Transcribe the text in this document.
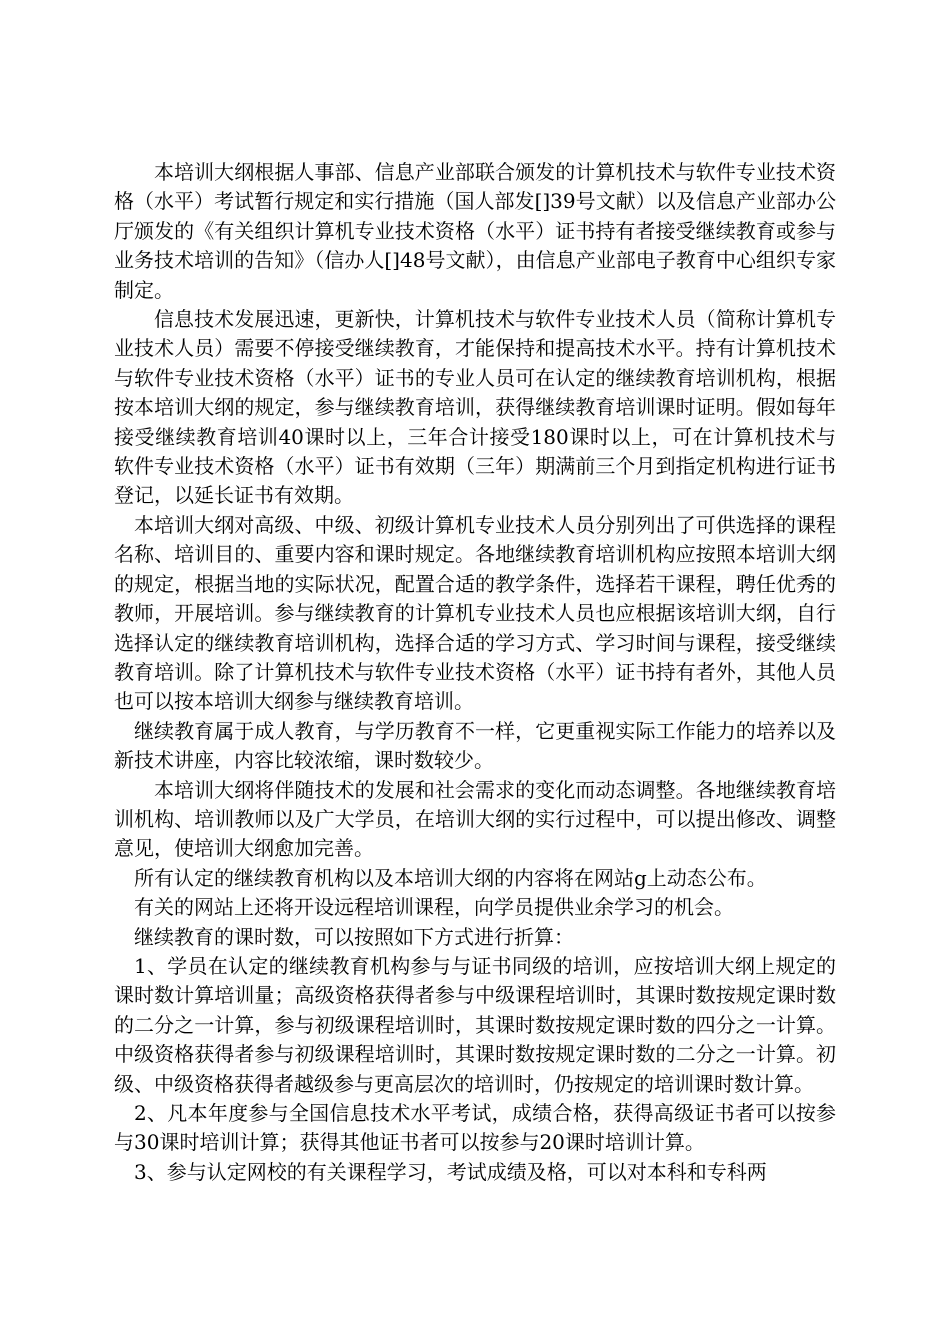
本培训大纲根据人事部、信息产业部联合颁发的计算机技术与软件专业技术资格（水平）考试暂行规定和实行措施（国人部发[]39号文献）以及信息产业部办公厅颁发的《有关组织计算机专业技术资格（水平）证书持有者接受继续教育或参与业务技术培训的告知》（信办人[]48号文献），由信息产业部电子教育中心组织专家制定。

信息技术发展迅速，更新快，计算机技术与软件专业技术人员（简称计算机专业技术人员）需要不停接受继续教育，才能保持和提高技术水平。持有计算机技术与软件专业技术资格（水平）证书的专业人员可在认定的继续教育培训机构，根据按本培训大纲的规定，参与继续教育培训，获得继续教育培训课时证明。假如每年接受继续教育培训40课时以上，三年合计接受180课时以上，可在计算机技术与软件专业技术资格（水平）证书有效期（三年）期满前三个月到指定机构进行证书登记，以延长证书有效期。

本培训大纲对高级、中级、初级计算机专业技术人员分别列出了可供选择的课程名称、培训目的、重要内容和课时规定。各地继续教育培训机构应按照本培训大纲的规定，根据当地的实际状况，配置合适的教学条件，选择若干课程，聘任优秀的教师，开展培训。参与继续教育的计算机专业技术人员也应根据该培训大纲，自行选择认定的继续教育培训机构，选择合适的学习方式、学习时间与课程，接受继续教育培训。除了计算机技术与软件专业技术资格（水平）证书持有者外，其他人员也可以按本培训大纲参与继续教育培训。

继续教育属于成人教育，与学历教育不一样，它更重视实际工作能力的培养以及新技术讲座，内容比较浓缩，课时数较少。

本培训大纲将伴随技术的发展和社会需求的变化而动态调整。各地继续教育培训机构、培训教师以及广大学员，在培训大纲的实行过程中，可以提出修改、调整意见，使培训大纲愈加完善。

所有认定的继续教育机构以及本培训大纲的内容将在网站g上动态公布。

有关的网站上还将开设远程培训课程，向学员提供业余学习的机会。

继续教育的课时数，可以按照如下方式进行折算：

1、学员在认定的继续教育机构参与与证书同级的培训，应按培训大纲上规定的课时数计算培训量；高级资格获得者参与中级课程培训时，其课时数按规定课时数的二分之一计算，参与初级课程培训时，其课时数按规定课时数的四分之一计算。中级资格获得者参与初级课程培训时，其课时数按规定课时数的二分之一计算。初级、中级资格获得者越级参与更高层次的培训时，仍按规定的培训课时数计算。

2、凡本年度参与全国信息技术水平考试，成绩合格，获得高级证书者可以按参与30课时培训计算；获得其他证书者可以按参与20课时培训计算。

3、参与认定网校的有关课程学习，考试成绩及格，可以对本科和专科两
